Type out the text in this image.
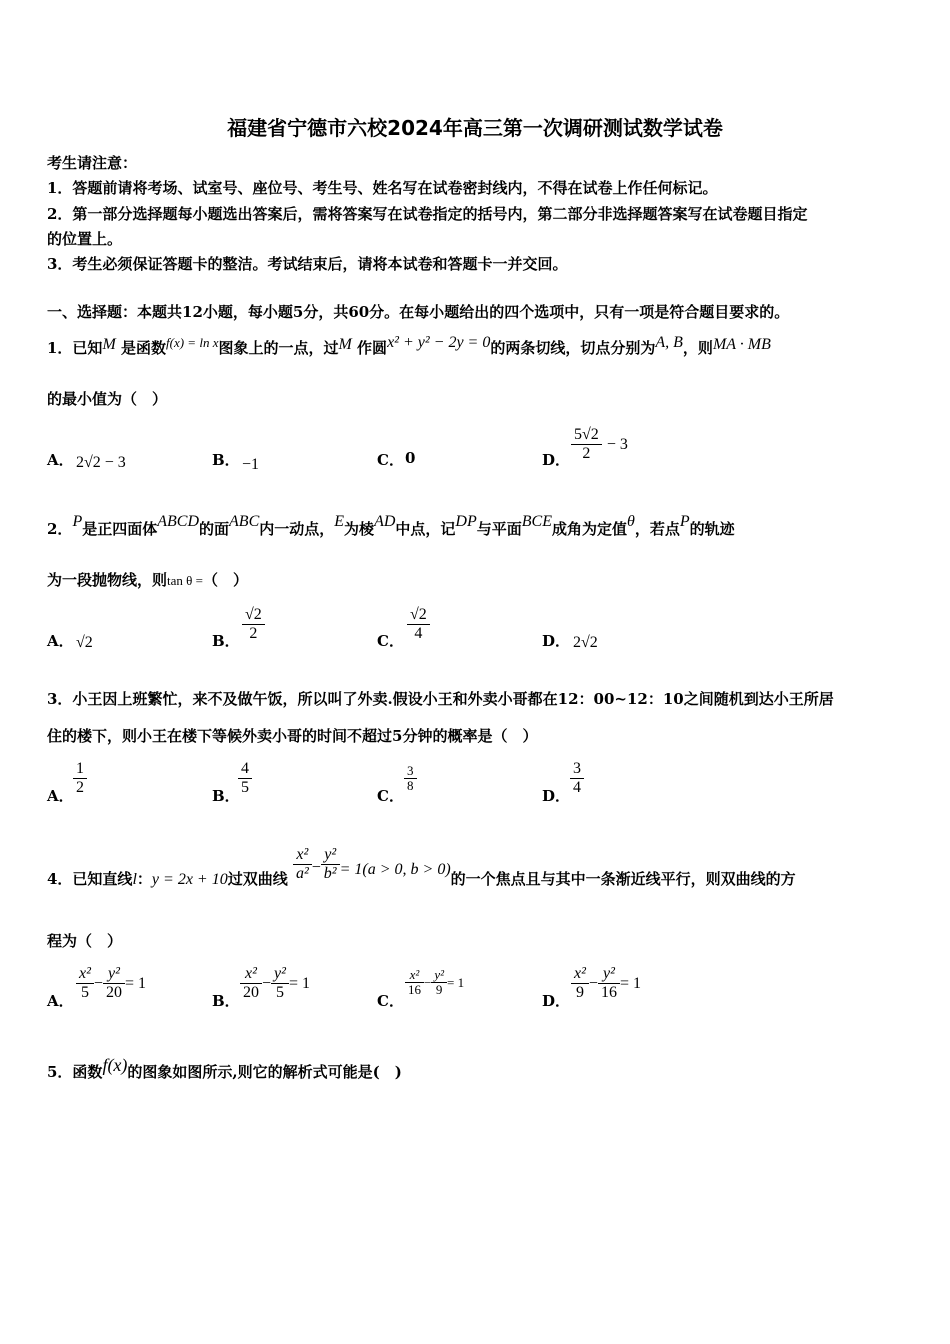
福建省宁德市六校2024年高三第一次调研测试数学试卷
考生请注意：
1．答题前请将考场、试室号、座位号、考生号、姓名写在试卷密封线内，不得在试卷上作任何标记。
2．第一部分选择题每小题选出答案后，需将答案写在试卷指定的括号内，第二部分非选择题答案写在试卷题目指定
的位置上。
3．考生必须保证答题卡的整洁。考试结束后，请将本试卷和答题卡一并交回。
一、选择题：本题共12小题，每小题5分，共60分。在每小题给出的四个选项中，只有一项是符合题目要求的。
1．已知M 是函数f(x) = ln x图象上的一点，过M 作圆x² + y² − 2y = 0的两条切线，切点分别为A, B，则MA · MB
的最小值为（　）
A． 2√2 − 3	B． −1	C． 0	D． $\frac{5√2}{2} - 3$
2．P是正四面体ABCD的面ABC内一动点，E为棱AD中点，记DP与平面BCE成角为定值θ，若点P的轨迹
为一段抛物线，则tan θ =（　）
A． √2	B． $\frac{√2}{2}$	C． $\frac{√2}{4}$	D． 2√2
3．小王因上班繁忙，来不及做午饭，所以叫了外卖.假设小王和外卖小哥都在12：00~12：10之间随机到达小王所居
住的楼下，则小王在楼下等候外卖小哥的时间不超过5分钟的概率是（　）
A． $\frac{1}{2}$	B．
$\frac{4}{5}$	C．
$\frac{3}{8}$
D． $\frac{3}{4}$
4．已知直线l：y = 2x + 10过双曲线 $\frac{\text{x²}}{\text{a²}} - \frac{\text{y²}}{\text{b²}} = 1(a > 0$, b > 0)的一个焦点且与其中一条渐近线平行，则双曲线的方
程为（　）
A． $\frac{\text{x²}}{5} - \frac{\text{y²}}{20} = 1$
B． $\frac{\text{x²}}{20} - \frac{\text{y²}}{5} = 1$
C．
$\frac{\text{x²}}{16} - \frac{\text{y²}}{9} = 1$
D． $\frac{\text{x²}}{9} - \frac{\text{y²}}{16} = 1$
5．函数f(x)的图象如图所示,则它的解析式可能是(　)
